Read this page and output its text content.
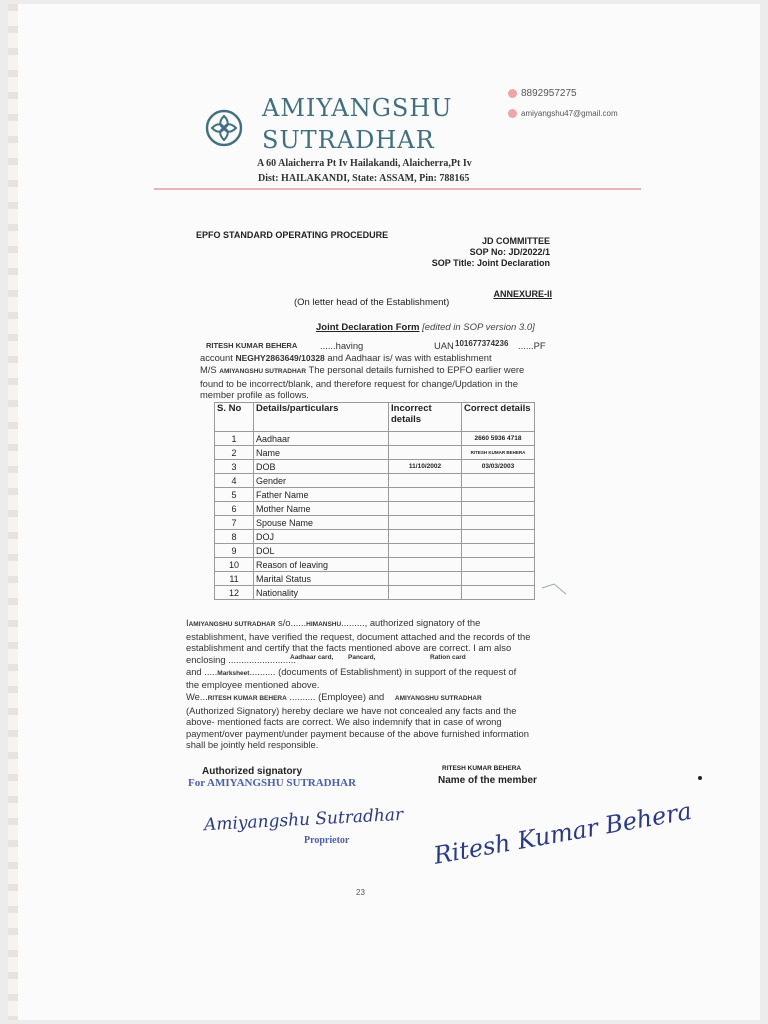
AMIYANGSHU
SUTRADHAR
8892957275
amiyangshu47@gmail.com
A 60 Alaicherra Pt Iv Hailakandi, Alaicherra,Pt Iv
Dist: HAILAKANDI, State: ASSAM, Pin: 788165
EPFO STANDARD OPERATING PROCEDURE
JD COMMITTEE
SOP No: JD/2022/1
SOP Title: Joint Declaration
ANNEXURE-II
(On letter head of the Establishment)
Joint Declaration Form [edited in SOP version 3.0]
RITESH KUMAR BEHERA ......having	UAN 101677374236 ......PF
account NEGHY2863649/10328 and Aadhaar is/ was with establishment
M/S AMIYANGSHU SUTRADHAR The personal details furnished to EPFO earlier were
found to be incorrect/blank, and therefore request for change/Updation in the
member profile as follows.
S. No	Details/particulars	Incorrect details	Correct details
1	Aadhaar		2660 5936 4718
2	Name		RITESH KUMAR BEHERA
3	DOB	11/10/2002	03/03/2003
4	Gender		
5	Father Name		
6	Mother Name		
7	Spouse Name		
8	DOJ		
9	DOL		
10	Reason of leaving		
11	Marital Status		
12	Nationality		
IAMIYANGSHU SUTRADHAR s/o......HIMANSHU........., authorized signatory of the
establishment, have verified the request, document attached and the records of the
establishment and certify that the facts mentioned above are correct. I am also
enclosing ..........................
Aadhaar card, Pancard,	Ration card
and .....Marksheet.......... (documents of Establishment) in support of the request of
the employee mentioned above.
We...RITESH KUMAR BEHERA .......... (Employee) and AMIYANGSHU SUTRADHAR
(Authorized Signatory) hereby declare we have not concealed any facts and the
above- mentioned facts are correct. We also indemnify that in case of wrong
payment/over payment/under payment because of the above furnished information
shall be jointly held responsible.
Authorized signatory
For AMIYANGSHU SUTRADHAR
Amiyangshu Sutradhar
Proprietor
RITESH KUMAR BEHERA
Name of the member
Ritesh Kumar Behera
23
